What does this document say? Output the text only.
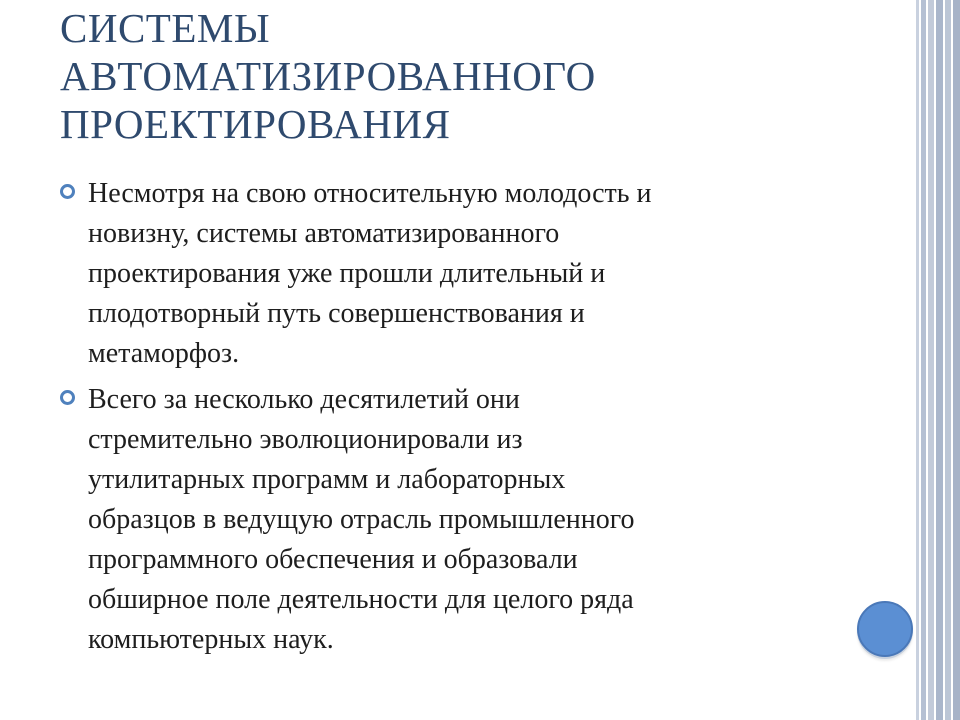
СИСТЕМЫ
АВТОМАТИЗИРОВАННОГО
ПРОЕКТИРОВАНИЯ
Несмотря на свою относительную молодость и
новизну, системы автоматизированного
проектирования уже прошли длительный и
плодотворный путь совершенствования и
метаморфоз.
Всего за несколько десятилетий они
стремительно эволюционировали из
утилитарных программ и лабораторных
образцов в ведущую отрасль промышленного
программного обеспечения и образовали
обширное поле деятельности для целого ряда
компьютерных наук.
